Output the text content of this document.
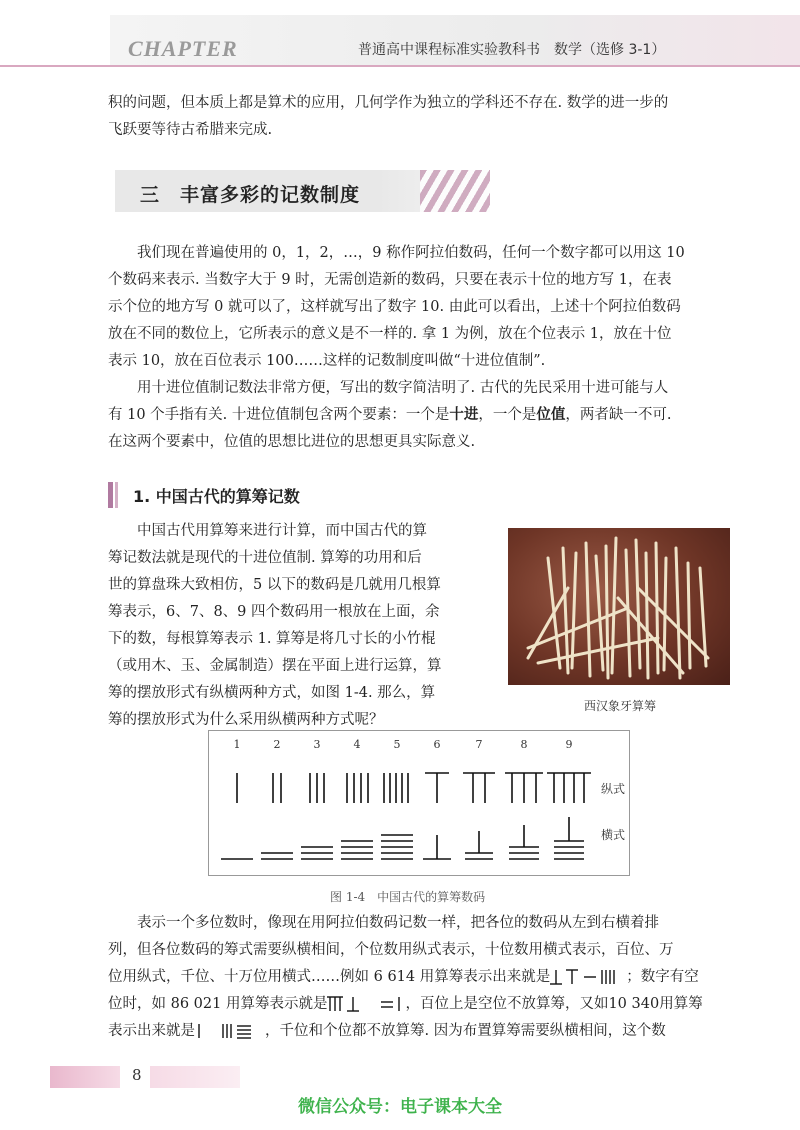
CHAPTER	普通高中课程标准实验教科书　数学（选修 3-1）
积的问题，但本质上都是算术的应用，几何学作为独立的学科还不存在. 数学的进一步的
飞跃要等待古希腊来完成.
三　丰富多彩的记数制度
我们现在普遍使用的 0，1，2，…，9 称作阿拉伯数码，任何一个数字都可以用这 10
个数码来表示. 当数字大于 9 时，无需创造新的数码，只要在表示十位的地方写 1，在表
示个位的地方写 0 就可以了，这样就写出了数字 10. 由此可以看出，上述十个阿拉伯数码
放在不同的数位上，它所表示的意义是不一样的. 拿 1 为例，放在个位表示 1，放在十位
表示 10，放在百位表示 100……这样的记数制度叫做“十进位值制”.
用十进位值制记数法非常方便，写出的数字简洁明了. 古代的先民采用十进可能与人
有 10 个手指有关. 十进位值制包含两个要素：一个是十进，一个是位值，两者缺一不可.
在这两个要素中，位值的思想比进位的思想更具实际意义.
1. 中国古代的算筹记数
中国古代用算筹来进行计算，而中国古代的算
筹记数法就是现代的十进位值制. 算筹的功用和后
世的算盘珠大致相仿，5 以下的数码是几就用几根算
筹表示，6、7、8、9 四个数码用一根放在上面，余
下的数，每根算筹表示 1. 算筹是将几寸长的小竹棍
（或用木、玉、金属制造）摆在平面上进行运算，算
筹的摆放形式有纵横两种方式，如图 1-4. 那么，算
筹的摆放形式为什么采用纵横两种方式呢？
西汉象牙算筹
1	2	3	4	5	6	7	8	9
纵式
横式
图 1-4　中国古代的算筹数码
表示一个多位数时，像现在用阿拉伯数码记数一样，把各位的数码从左到右横着排
列，但各位数码的筹式需要纵横相间，个位数用纵式表示，十位数用横式表示，百位、万
位用纵式，千位、十万位用横式……例如 6 614 用算筹表示出来就是	；数字有空
位时，如 86 021 用算筹表示就是	，百位上是空位不放算筹，又如10 340用算筹
表示出来就是	，千位和个位都不放算筹. 因为布置算筹需要纵横相间，这个数
8
微信公众号：电子课本大全
